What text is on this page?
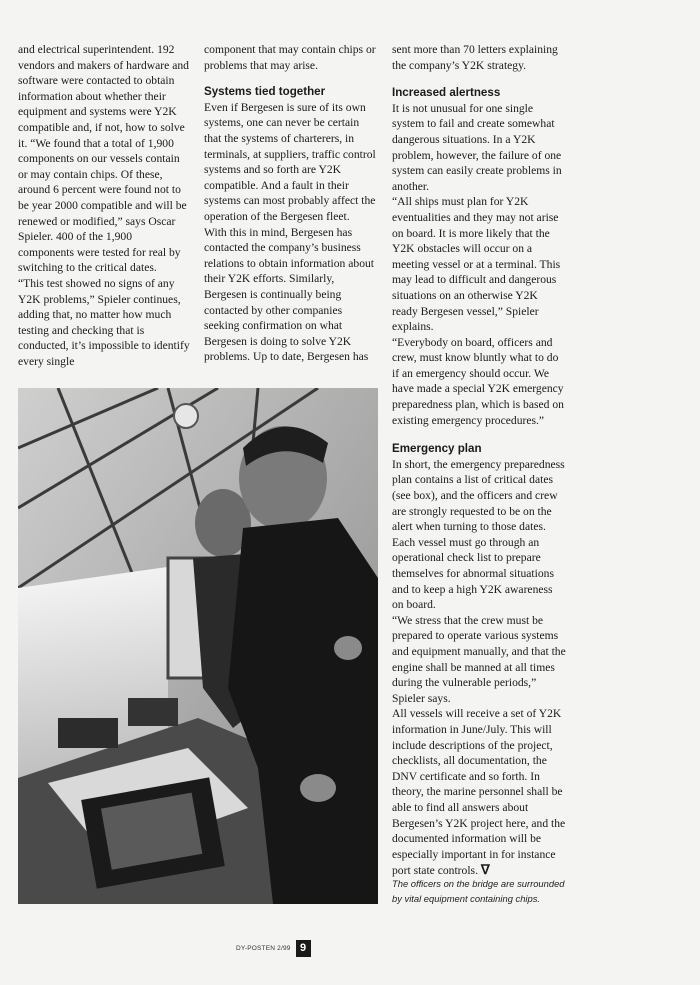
and electrical superintendent. 192 vendors and makers of hardware and software were contacted to obtain information about whether their equipment and systems were Y2K compatible and, if not, how to solve it. “We found that a total of 1,900 components on our vessels contain or may contain chips. Of these, around 6 percent were found not to be year 2000 compatible and will be renewed or modified,” says Oscar Spieler. 400 of the 1,900 components were tested for real by switching to the critical dates.

“This test showed no signs of any Y2K problems,” Spieler continues, adding that, no matter how much testing and checking that is conducted, it’s impossible to identify every single

component that may contain chips or problems that may arise.

Systems tied together

Even if Bergesen is sure of its own systems, one can never be certain that the systems of charterers, in terminals, at suppliers, traffic control systems and so forth are Y2K compatible. And a fault in their systems can most probably affect the operation of the Bergesen fleet.

With this in mind, Bergesen has contacted the company’s business relations to obtain information about their Y2K efforts. Similarly, Bergesen is continually being contacted by other companies seeking confirmation on what Bergesen is doing to solve Y2K problems. Up to date, Bergesen has

sent more than 70 letters explaining the company’s Y2K strategy.

Increased alertness

It is not unusual for one single system to fail and create somewhat dangerous situations. In a Y2K problem, however, the failure of one system can easily create problems in another.

“All ships must plan for Y2K eventualities and they may not arise on board. It is more likely that the Y2K obstacles will occur on a meeting vessel or at a terminal. This may lead to difficult and dangerous situations on an otherwise Y2K ready Bergesen vessel,” Spieler explains.

“Everybody on board, officers and crew, must know bluntly what to do if an emergency should occur. We have made a special Y2K emergency preparedness plan, which is based on existing emergency procedures.”

Emergency plan

In short, the emergency preparedness plan contains a list of critical dates (see box), and the officers and crew are strongly requested to be on the alert when turning to those dates. Each vessel must go through an operational check list to prepare themselves for abnormal situations and to keep a high Y2K awareness on board.

“We stress that the crew must be prepared to operate various systems and equipment manually, and that the engine shall be manned at all times during the vulnerable periods,” Spieler says.

All vessels will receive a set of Y2K information in June/July. This will include descriptions of the project, checklists, all documentation, the DNV certificate and so forth. In theory, the marine personnel shall be able to find all answers about Bergesen’s Y2K project here, and the documented information will be especially important in for instance port state controls. ᐁ

The officers on the bridge are surrounded by vital equipment containing chips.
DY-POSTEN 2/99 9
